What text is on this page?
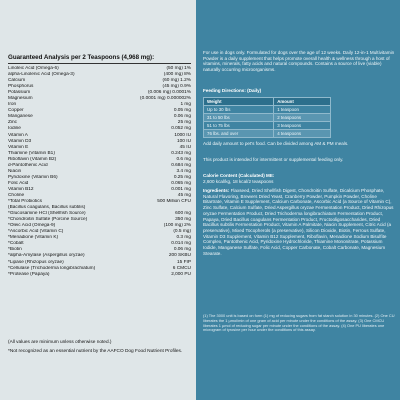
Guaranteed Analysis per 2 Teaspoons (4,968 mg):
Linoleic Acid (Omega-6)	(50 mg) 1%
alpha-Linolenic Acid (Omega-3)	(400 mg) 8%
Calcium	(60 mg) 1.2%
Phosphorus	(45 mg) 0.9%
Potassium	(0.006 mg) 0.0001%
Magnesium	(0.0001 mg) 0.000002%
Iron	1 mg
Copper	0.05 mg
Manganese	0.06 mg
Zinc	25 mg
Iodine	0.052 mg
Vitamin A	1000 IU
Vitamin D3	100 IU
Vitamin E	45 IU
Thiamine (Vitamin B1)	0.243 mg
Riboflavin (Vitamin B2)	0.6 mg
d-Pantothenic Acid	0.684 mg
Niacin	3.4 mg
Pyridoxine (Vitamin B6)	0.25 mg
Folic Acid	0.065 mg
Vitamin B12	0.001 mg
Choline	45 mg
*Total Probiotics	500 Million CFU
(Bacillus coagulans, Bacillus subtilis)
*Glucosamine HCl (Shellfish Source)	600 mg
*Chondroitin Sulfate (Porcine Source)	350 mg
*Oleic Acid (Omega-9)	(100 mg) 2%
*Ascorbic Acid (Vitamin C)	(0.5 mg)
*Menadione (Vitamin K)	0.3 mg
*Cobalt	0.014 mg
*Biotin	0.06 mg
*alpha-Amylase (Aspergillus oryzae)	200 SKBU
*Lipase (Rhizopus oryzae)	15 FIP
*Cellulase (Trichoderma longibrachiatum)	6 CMCU
*Protease (Papaya)	2,000 PU
(All values are minimum unless otherwise noted.)
*Not recognized as an essential nutrient by the AAFCO Dog Food Nutrient Profiles.
For use in dogs only. Formulated for dogs over the age of 12 weeks. Daily 12-in-1 Multivitamin Powder is a daily supplement that helps promote overall health & wellness through a host of vitamins, minerals, fatty acids and natural compounds. Contains a source of live (viable) naturally occurring microorganisms.
Feeding Directions: (Daily)
Weight	Amount
Up to 30 lbs	1 teaspoon
31 to 50 lbs	2 teaspoons
51 to 75 lbs	3 teaspoons
76 lbs. and over	4 teaspoons
Add daily amount to pet's food. Can be divided among AM & PM meals.
This product is intended for intermittent or supplemental feeding only.
Calorie Content (Calculated) ME:
2,600 kcal/kg, 18 kcal/2 teaspoons
Ingredients: Flaxseed, Dried Shellfish Digest, Chondroitin Sulfate, Dicalcium Phosphate, Natural Flavoring, Brewers Dried Yeast, Cranberry Powder, Pumpkin Powder, Choline Bitartrate, Vitamin E Supplement, Calcium Carbonate, Ascorbic Acid (a Source of Vitamin C), Zinc Sulfate, Calcium Sulfate, Dried Aspergillus oryzae Fermentation Product, Dried Rhizopus oryzae Fermentation Product, Dried Trichoderma longibrachiatum Fermentation Product, Papaya, Dried Bacillus coagulans Fermentation Product, Fructooligosaccharides, Dried Bacillus subtilis Fermentation Product, Vitamin A Palmitate, Niacin Supplement, Citric Acid (a preservative), Mixed Tocopherols (a preservative), Silicon Dioxide, Biotin, Ferrous Sulfate, Vitamin D3 Supplement, Vitamin B12 Supplement, Riboflavin, Menadione Sodium Bisulfite Complex, Pantothenic Acid, Pyridoxine Hydrochloride, Thiamine Mononitrate, Potassium Iodide, Manganese Sulfate, Folic Acid, Copper Carbonate, Cobalt Carbonate, Magnesium Stearate.
(1) The 3000 unit is based on form (1) mg of reducing sugars from fat starch solution in 30 minutes. (2) One CU liberates the 1 µmol/min of one gram of acid per minute under the conditions of the assay. (3) One CMCU liberates 1 µmol of reducing sugar per minute under the conditions of the assay. (4) One PU liberates one microgram of tyrosine per hour under the conditions of this assay.
